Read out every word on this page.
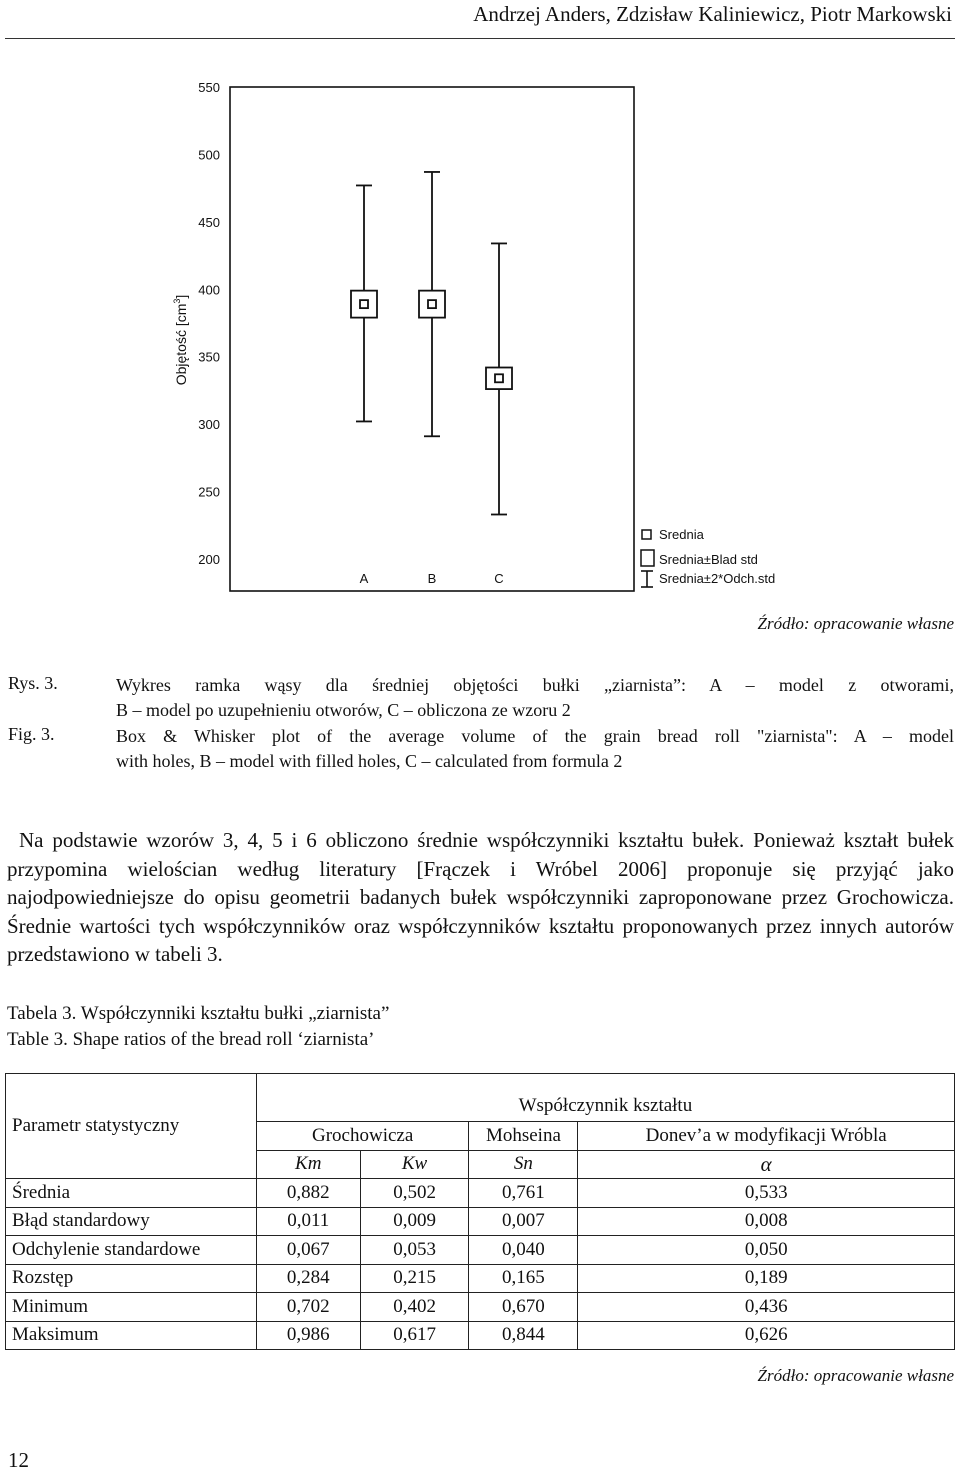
Andrzej Anders, Zdzisław Kaliniewicz, Piotr Markowski
550
500
450
400
350
300
250
200
A	B	C
Objętość $[cm^3]$
Srednia
Srednia±Blad std
Srednia±2*Odch.std
Źródło: opracowanie własne
Rys. 3.	Wykres ramka wąsy dla średniej objętości bułki „ziarnista”: A – model z otworami,
B – model po uzupełnieniu otworów, C – obliczona ze wzoru 2
Fig. 3.	Box & Whisker plot of the average volume of the grain bread roll "ziarnista": A – model
with holes, B – model with filled holes, C – calculated from formula 2
Na podstawie wzorów 3, 4, 5 i 6 obliczono średnie współczynniki kształtu bułek. Ponieważ kształt bułek przypomina wielościan według literatury [Frączek i Wróbel 2006] proponuje się przyjąć jako najodpowiedniejsze do opisu geometrii badanych bułek współczynniki zaproponowane przez Grochowicza. Średnie wartości tych współczynników oraz współczynników kształtu proponowanych przez innych autorów przedstawiono w tabeli 3.
Tabela 3. Współczynniki kształtu bułki „ziarnista”
Table 3. Shape ratios of the bread roll ‘ziarnista’
Parametr statystyczny	Współczynnik kształtu			
	Grochowicza		Mohseina	Donev’a w modyfikacji Wróbla
	Km	Kw	Sn	α
Średnia	0,882	0,502	0,761	0,533
Błąd standardowy	0,011	0,009	0,007	0,008
Odchylenie standardowe	0,067	0,053	0,040	0,050
Rozstęp	0,284	0,215	0,165	0,189
Minimum	0,702	0,402	0,670	0,436
Maksimum	0,986	0,617	0,844	0,626
Źródło: opracowanie własne
12
